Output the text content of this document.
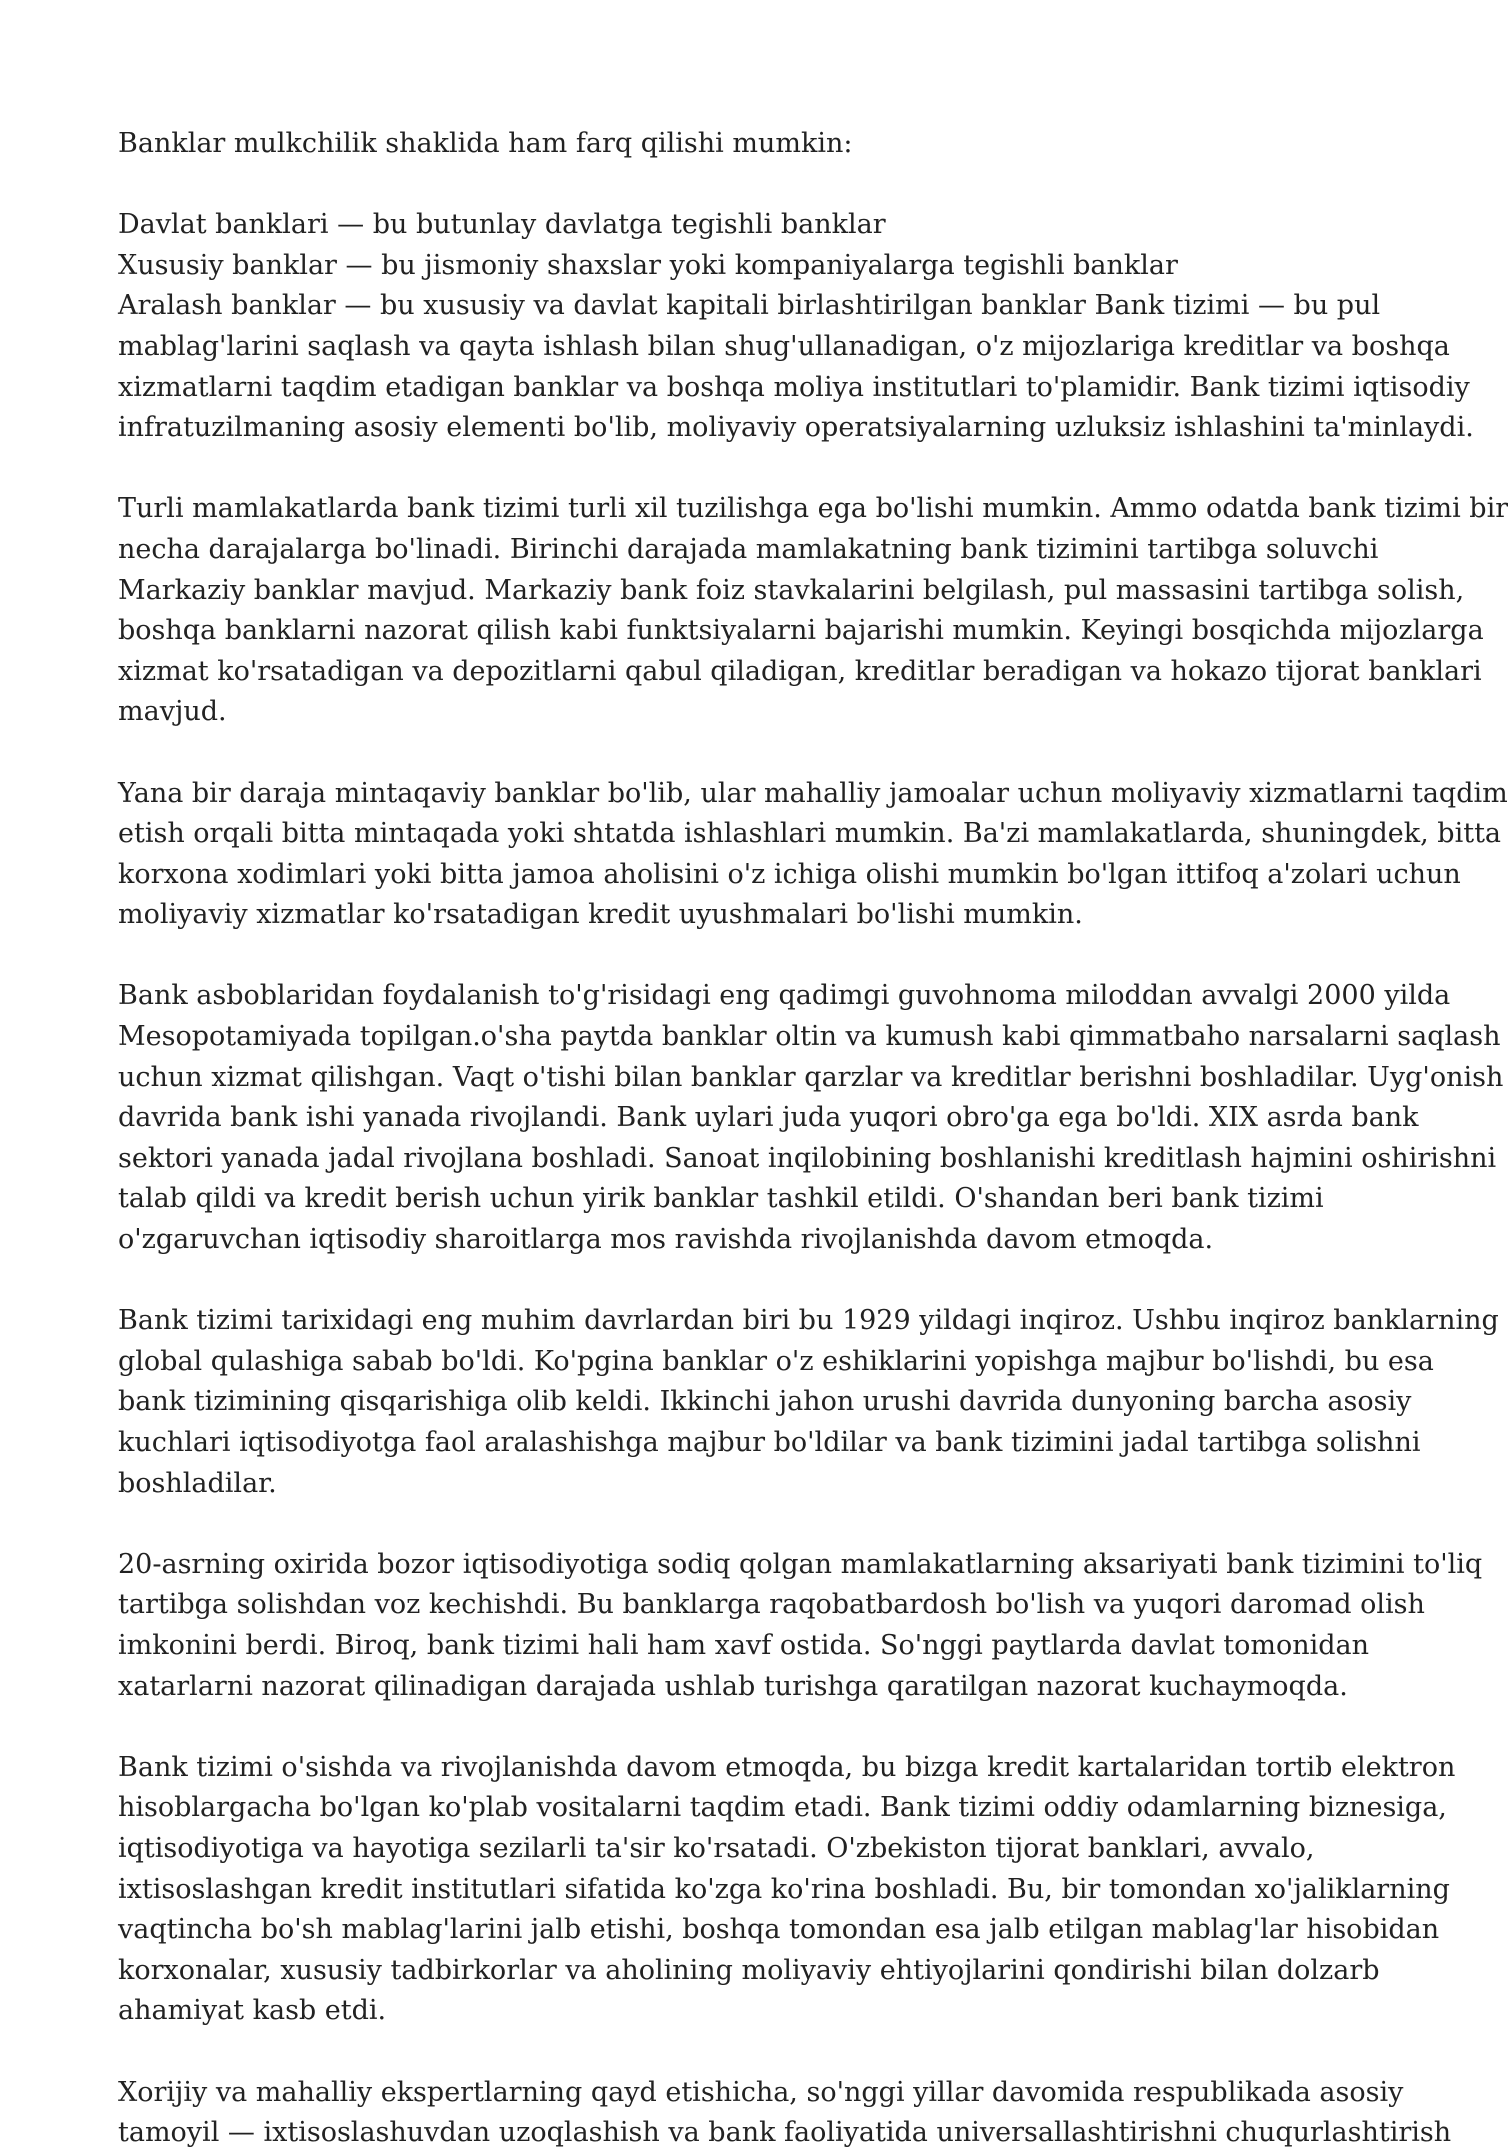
Banklar mulkchilik shaklida ham farq qilishi mumkin:
Davlat banklari — bu butunlay davlatga tegishli banklar
Xususiy banklar — bu jismoniy shaxslar yoki kompaniyalarga tegishli banklar
Aralash banklar — bu xususiy va davlat kapitali birlashtirilgan banklar Bank tizimi — bu pul
mablag'larini saqlash va qayta ishlash bilan shug'ullanadigan, o'z mijozlariga kreditlar va boshqa
xizmatlarni taqdim etadigan banklar va boshqa moliya institutlari to'plamidir. Bank tizimi iqtisodiy
infratuzilmaning asosiy elementi bo'lib, moliyaviy operatsiyalarning uzluksiz ishlashini ta'minlaydi.
Turli mamlakatlarda bank tizimi turli xil tuzilishga ega bo'lishi mumkin. Ammo odatda bank tizimi bir
necha darajalarga bo'linadi. Birinchi darajada mamlakatning bank tizimini tartibga soluvchi
Markaziy banklar mavjud. Markaziy bank foiz stavkalarini belgilash, pul massasini tartibga solish,
boshqa banklarni nazorat qilish kabi funktsiyalarni bajarishi mumkin. Keyingi bosqichda mijozlarga
xizmat ko'rsatadigan va depozitlarni qabul qiladigan, kreditlar beradigan va hokazo tijorat banklari
mavjud.
Yana bir daraja mintaqaviy banklar bo'lib, ular mahalliy jamoalar uchun moliyaviy xizmatlarni taqdim
etish orqali bitta mintaqada yoki shtatda ishlashlari mumkin. Ba'zi mamlakatlarda, shuningdek, bitta
korxona xodimlari yoki bitta jamoa aholisini o'z ichiga olishi mumkin bo'lgan ittifoq a'zolari uchun
moliyaviy xizmatlar ko'rsatadigan kredit uyushmalari bo'lishi mumkin.
Bank asboblaridan foydalanish to'g'risidagi eng qadimgi guvohnoma miloddan avvalgi 2000 yilda
Mesopotamiyada topilgan.o'sha paytda banklar oltin va kumush kabi qimmatbaho narsalarni saqlash
uchun xizmat qilishgan. Vaqt o'tishi bilan banklar qarzlar va kreditlar berishni boshladilar. Uyg'onish
davrida bank ishi yanada rivojlandi. Bank uylari juda yuqori obro'ga ega bo'ldi. XIX asrda bank
sektori yanada jadal rivojlana boshladi. Sanoat inqilobining boshlanishi kreditlash hajmini oshirishni
talab qildi va kredit berish uchun yirik banklar tashkil etildi. O'shandan beri bank tizimi
o'zgaruvchan iqtisodiy sharoitlarga mos ravishda rivojlanishda davom etmoqda.
Bank tizimi tarixidagi eng muhim davrlardan biri bu 1929 yildagi inqiroz. Ushbu inqiroz banklarning
global qulashiga sabab bo'ldi. Ko'pgina banklar o'z eshiklarini yopishga majbur bo'lishdi, bu esa
bank tizimining qisqarishiga olib keldi. Ikkinchi jahon urushi davrida dunyoning barcha asosiy
kuchlari iqtisodiyotga faol aralashishga majbur bo'ldilar va bank tizimini jadal tartibga solishni
boshladilar.
20-asrning oxirida bozor iqtisodiyotiga sodiq qolgan mamlakatlarning aksariyati bank tizimini to'liq
tartibga solishdan voz kechishdi. Bu banklarga raqobatbardosh bo'lish va yuqori daromad olish
imkonini berdi. Biroq, bank tizimi hali ham xavf ostida. So'nggi paytlarda davlat tomonidan
xatarlarni nazorat qilinadigan darajada ushlab turishga qaratilgan nazorat kuchaymoqda.
Bank tizimi o'sishda va rivojlanishda davom etmoqda, bu bizga kredit kartalaridan tortib elektron
hisoblargacha bo'lgan ko'plab vositalarni taqdim etadi. Bank tizimi oddiy odamlarning biznesiga,
iqtisodiyotiga va hayotiga sezilarli ta'sir ko'rsatadi. O'zbekiston tijorat banklari, avvalo,
ixtisoslashgan kredit institutlari sifatida ko'zga ko'rina boshladi. Bu, bir tomondan xo'jaliklarning
vaqtincha bo'sh mablag'larini jalb etishi, boshqa tomondan esa jalb etilgan mablag'lar hisobidan
korxonalar, xususiy tadbirkorlar va aholining moliyaviy ehtiyojlarini qondirishi bilan dolzarb
ahamiyat kasb etdi.
Xorijiy va mahalliy ekspertlarning qayd etishicha, so'nggi yillar davomida respublikada asosiy
tamoyil — ixtisoslashuvdan uzoqlashish va bank faoliyatida universallashtirishni chuqurlashtirish
